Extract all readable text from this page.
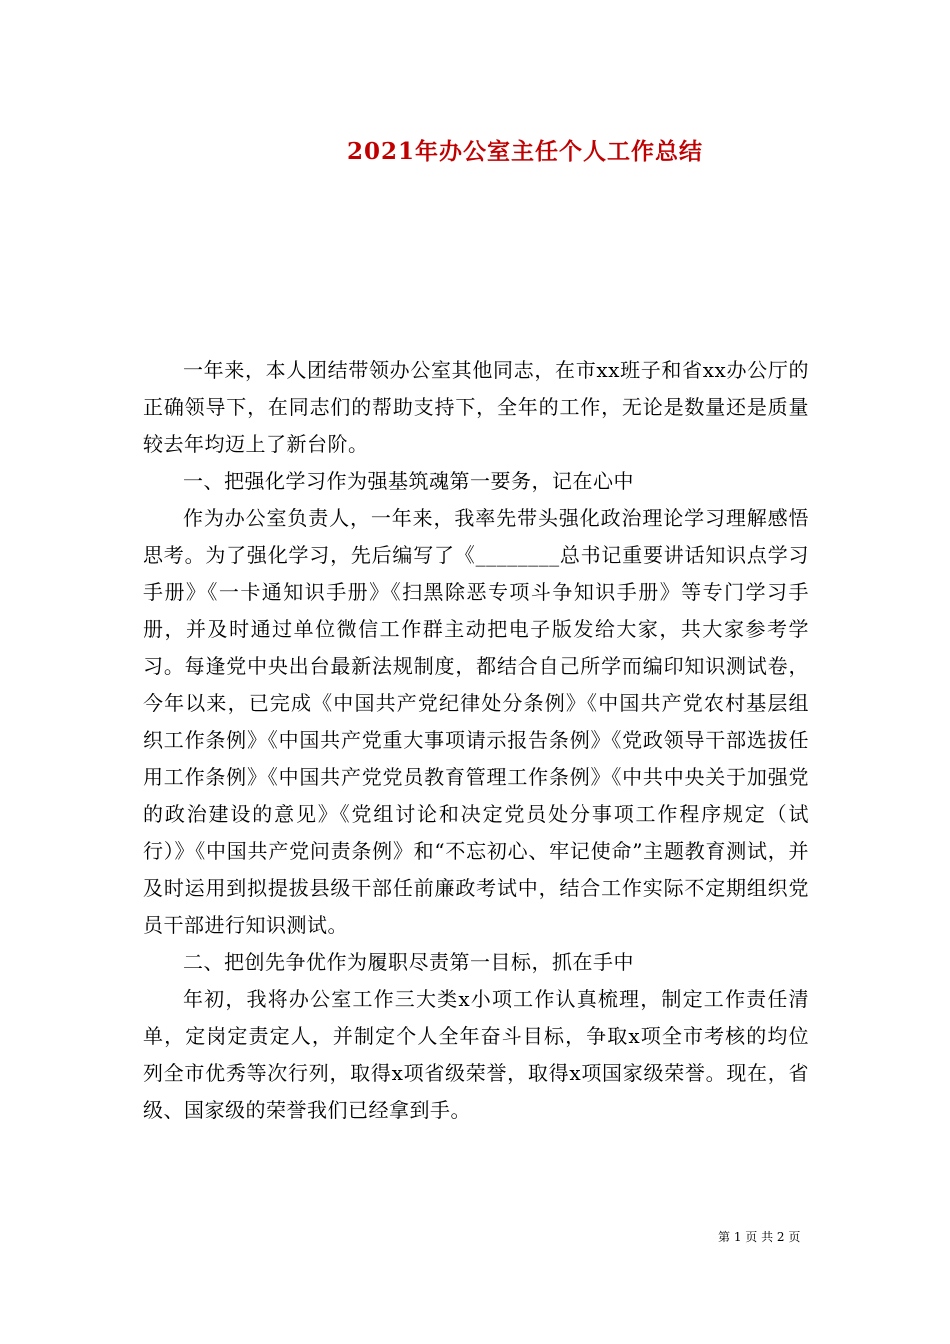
2021年办公室主任个人工作总结

一年来，本人团结带领办公室其他同志，在市xx班子和省xx办公厅的正确领导下，在同志们的帮助支持下，全年的工作，无论是数量还是质量较去年均迈上了新台阶。

一、把强化学习作为强基筑魂第一要务，记在心中

作为办公室负责人，一年来，我率先带头强化政治理论学习理解感悟思考。为了强化学习，先后编写了《________总书记重要讲话知识点学习手册》《一卡通知识手册》《扫黑除恶专项斗争知识手册》等专门学习手册，并及时通过单位微信工作群主动把电子版发给大家，共大家参考学习。每逢党中央出台最新法规制度，都结合自己所学而编印知识测试卷，今年以来，已完成《中国共产党纪律处分条例》《中国共产党农村基层组织工作条例》《中国共产党重大事项请示报告条例》《党政领导干部选拔任用工作条例》《中国共产党党员教育管理工作条例》《中共中央关于加强党的政治建设的意见》《党组讨论和决定党员处分事项工作程序规定（试行）》《中国共产党问责条例》和“不忘初心、牢记使命”主题教育测试，并及时运用到拟提拔县级干部任前廉政考试中，结合工作实际不定期组织党员干部进行知识测试。

二、把创先争优作为履职尽责第一目标，抓在手中

年初，我将办公室工作三大类x小项工作认真梳理，制定工作责任清单，定岗定责定人，并制定个人全年奋斗目标，争取x项全市考核的均位列全市优秀等次行列，取得x项省级荣誉，取得x项国家级荣誉。现在，省级、国家级的荣誉我们已经拿到手。

第 1 页 共 2 页
